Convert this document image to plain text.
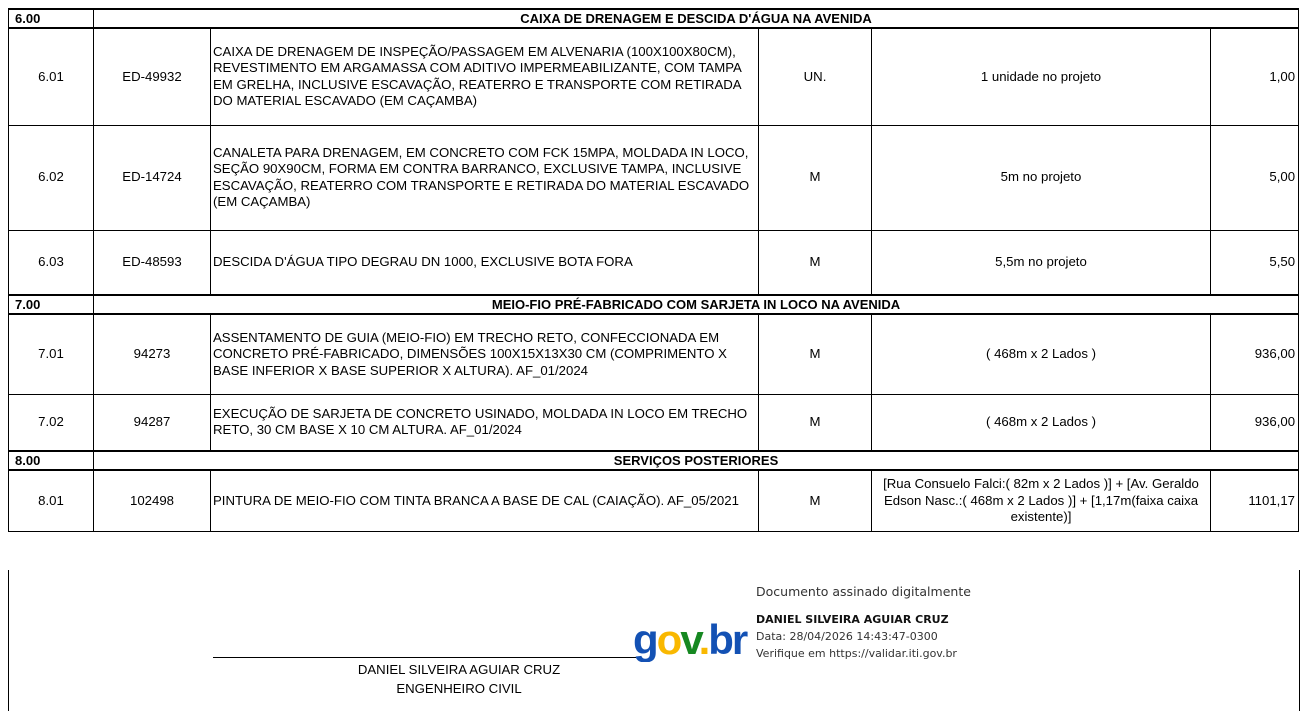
6.00	CAIXA DE DRENAGEM E DESCIDA D'ÁGUA NA AVENIDA				
6.01	ED-49932	CAIXA DE DRENAGEM DE INSPEÇÃO/PASSAGEM EM ALVENARIA (100X100X80CM), REVESTIMENTO EM ARGAMASSA COM ADITIVO IMPERMEABILIZANTE, COM TAMPA EM GRELHA, INCLUSIVE ESCAVAÇÃO, REATERRO E TRANSPORTE COM RETIRADA DO MATERIAL ESCAVADO (EM CAÇAMBA)	UN.	1 unidade no projeto	1,00
6.02	ED-14724	CANALETA PARA DRENAGEM, EM CONCRETO COM FCK 15MPA, MOLDADA IN LOCO, SEÇÃO 90X90CM, FORMA EM CONTRA BARRANCO, EXCLUSIVE TAMPA, INCLUSIVE ESCAVAÇÃO, REATERRO COM TRANSPORTE E RETIRADA DO MATERIAL ESCAVADO (EM CAÇAMBA)	M	5m no projeto	5,00
6.03	ED-48593	DESCIDA D'ÁGUA TIPO DEGRAU DN 1000, EXCLUSIVE BOTA FORA	M	5,5m no projeto	5,50
7.00	MEIO-FIO PRÉ-FABRICADO COM SARJETA IN LOCO NA AVENIDA				
7.01	94273	ASSENTAMENTO DE GUIA (MEIO-FIO) EM TRECHO RETO, CONFECCIONADA EM CONCRETO PRÉ-FABRICADO, DIMENSÕES 100X15X13X30 CM (COMPRIMENTO X BASE INFERIOR X BASE SUPERIOR X ALTURA). AF_01/2024	M	( 468m x 2 Lados )	936,00
7.02	94287	EXECUÇÃO DE SARJETA DE CONCRETO USINADO, MOLDADA IN LOCO EM TRECHO RETO, 30 CM BASE X 10 CM ALTURA. AF_01/2024	M	( 468m x 2 Lados )	936,00
8.00	SERVIÇOS POSTERIORES				
8.01	102498	PINTURA DE MEIO-FIO COM TINTA BRANCA A BASE DE CAL (CAIAÇÃO). AF_05/2021	M	[Rua Consuelo Falci:( 82m x 2 Lados )] + [Av. Geraldo Edson Nasc.:( 468m x 2 Lados )] + [1,17m(faixa caixa existente)]	1101,17
DANIEL SILVEIRA AGUIAR CRUZ
ENGENHEIRO CIVIL
gov.br
Documento assinado digitalmente
DANIEL SILVEIRA AGUIAR CRUZ
Data: 28/04/2026 14:43:47-0300
Verifique em https://validar.iti.gov.br
